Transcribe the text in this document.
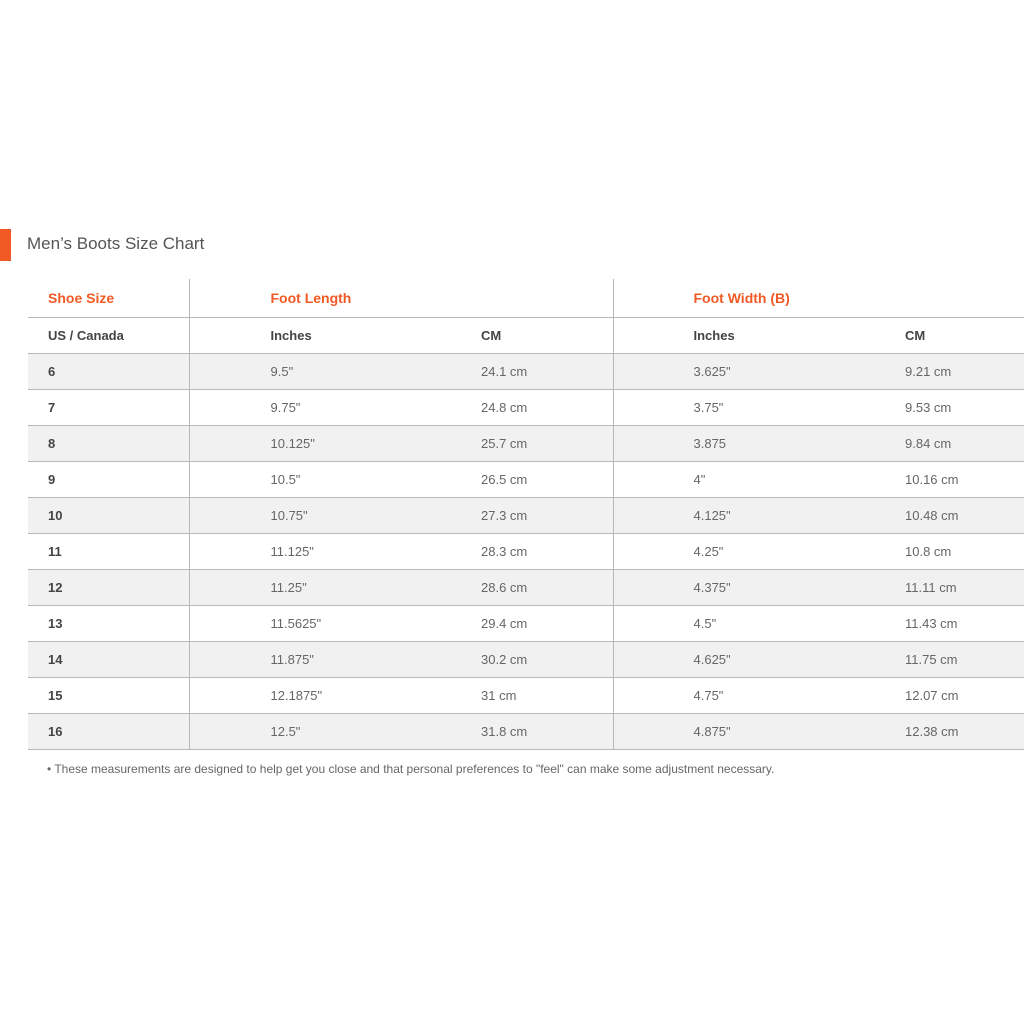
Men’s Boots Size Chart
Shoe Size	Foot Length		Foot Width (B)	
US / Canada	Inches	CM	Inches	CM
6	9.5"	24.1 cm	3.625"	9.21 cm
7	9.75"	24.8 cm	3.75"	9.53 cm
8	10.125"	25.7 cm	3.875	9.84 cm
9	10.5"	26.5 cm	4"	10.16 cm
10	10.75"	27.3 cm	4.125"	10.48 cm
11	11.125"	28.3 cm	4.25"	10.8 cm
12	11.25"	28.6 cm	4.375"	11.11 cm
13	11.5625"	29.4 cm	4.5"	11.43 cm
14	11.875"	30.2 cm	4.625"	11.75 cm
15	12.1875"	31 cm	4.75"	12.07 cm
16	12.5"	31.8 cm	4.875"	12.38 cm
• These measurements are designed to help get you close and that personal preferences to "feel" can make some adjustment necessary.
